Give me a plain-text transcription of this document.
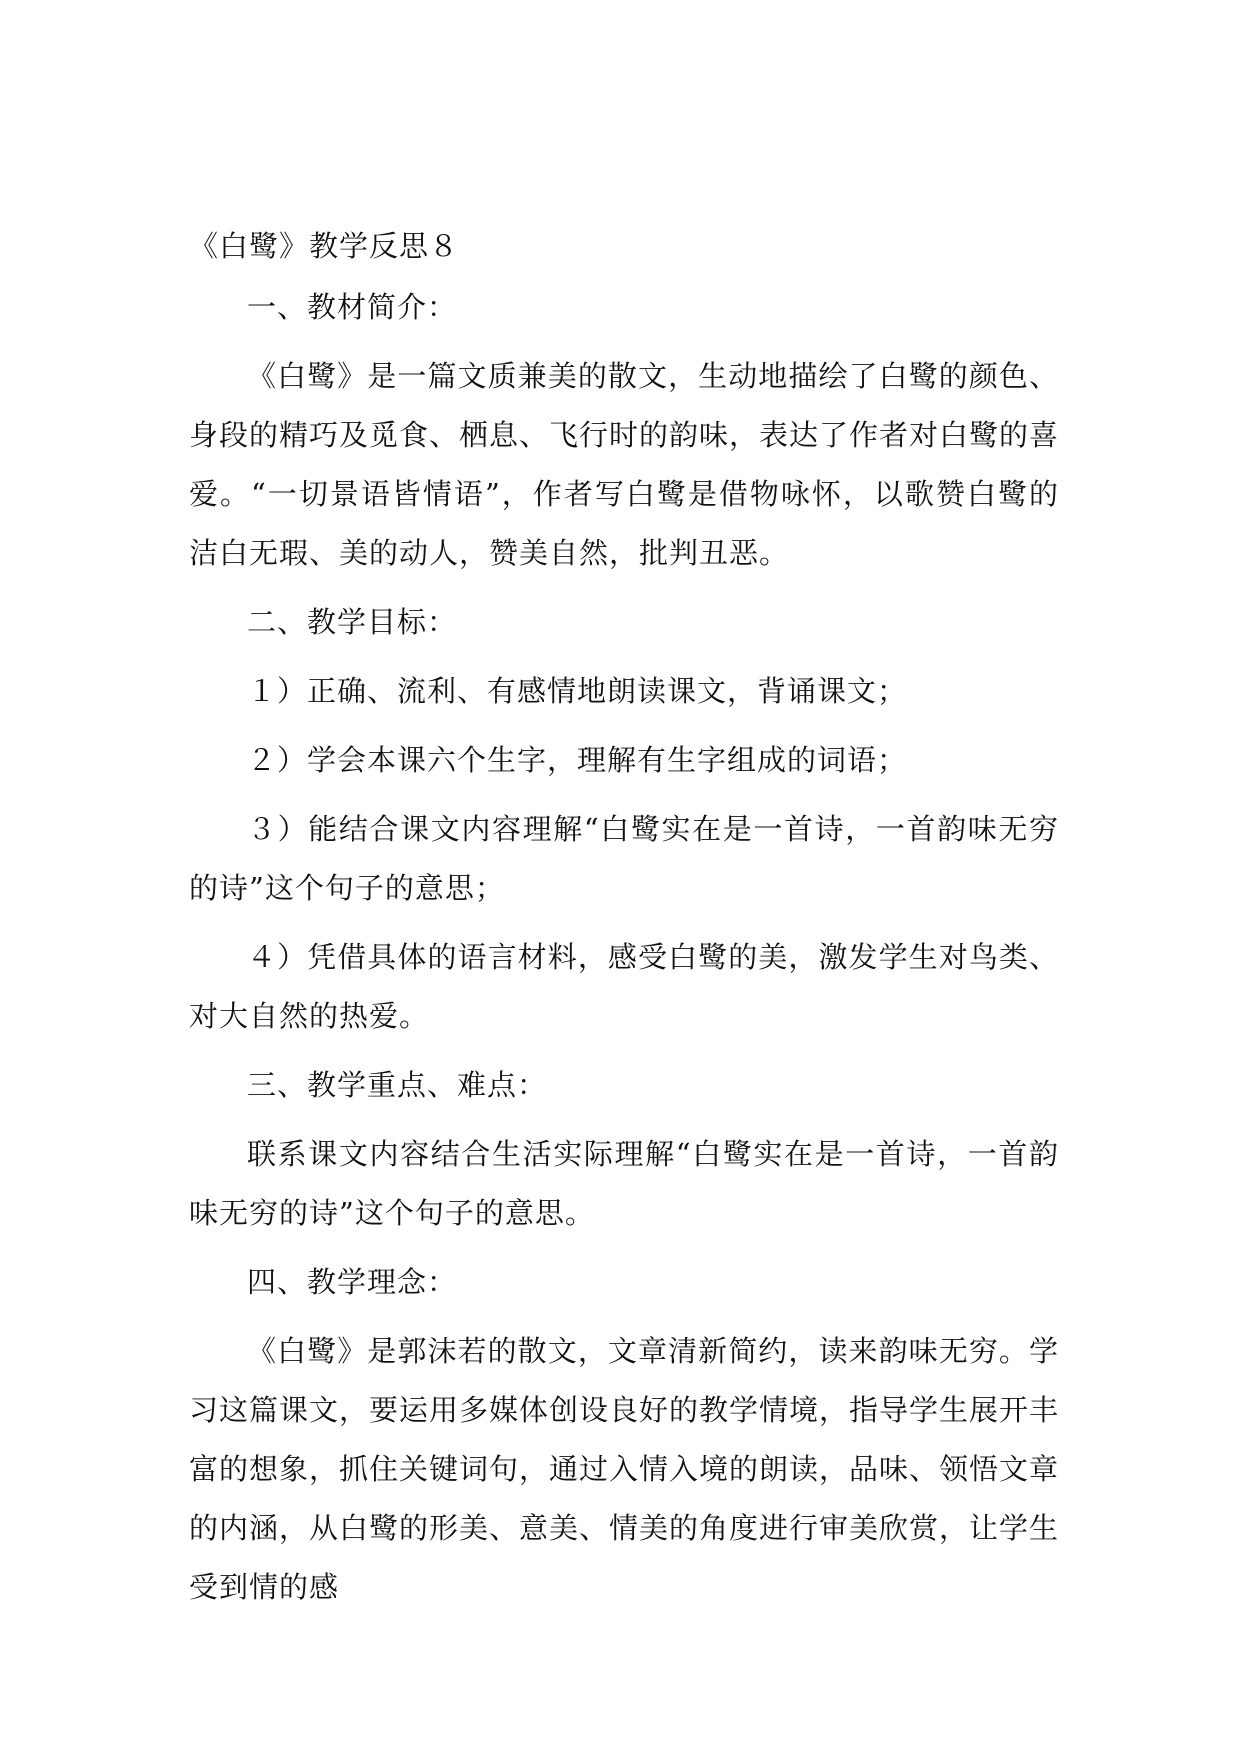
《白鹭》教学反思８

一、教材简介：

《白鹭》是一篇文质兼美的散文，生动地描绘了白鹭的颜色、身段的精巧及觅食、栖息、飞行时的韵味，表达了作者对白鹭的喜爱。“一切景语皆情语”，作者写白鹭是借物咏怀，以歌赞白鹭的洁白无瑕、美的动人，赞美自然，批判丑恶。

二、教学目标：

１）正确、流利、有感情地朗读课文，背诵课文；

２）学会本课六个生字，理解有生字组成的词语；

３）能结合课文内容理解“白鹭实在是一首诗，一首韵味无穷的诗”这个句子的意思；

４）凭借具体的语言材料，感受白鹭的美，激发学生对鸟类、对大自然的热爱。

三、教学重点、难点：

联系课文内容结合生活实际理解“白鹭实在是一首诗，一首韵味无穷的诗”这个句子的意思。

四、教学理念：

《白鹭》是郭沫若的散文，文章清新简约，读来韵味无穷。学习这篇课文，要运用多媒体创设良好的教学情境，指导学生展开丰富的想象，抓住关键词句，通过入情入境的朗读，品味、领悟文章的内涵，从白鹭的形美、意美、情美的角度进行审美欣赏，让学生受到情的感
